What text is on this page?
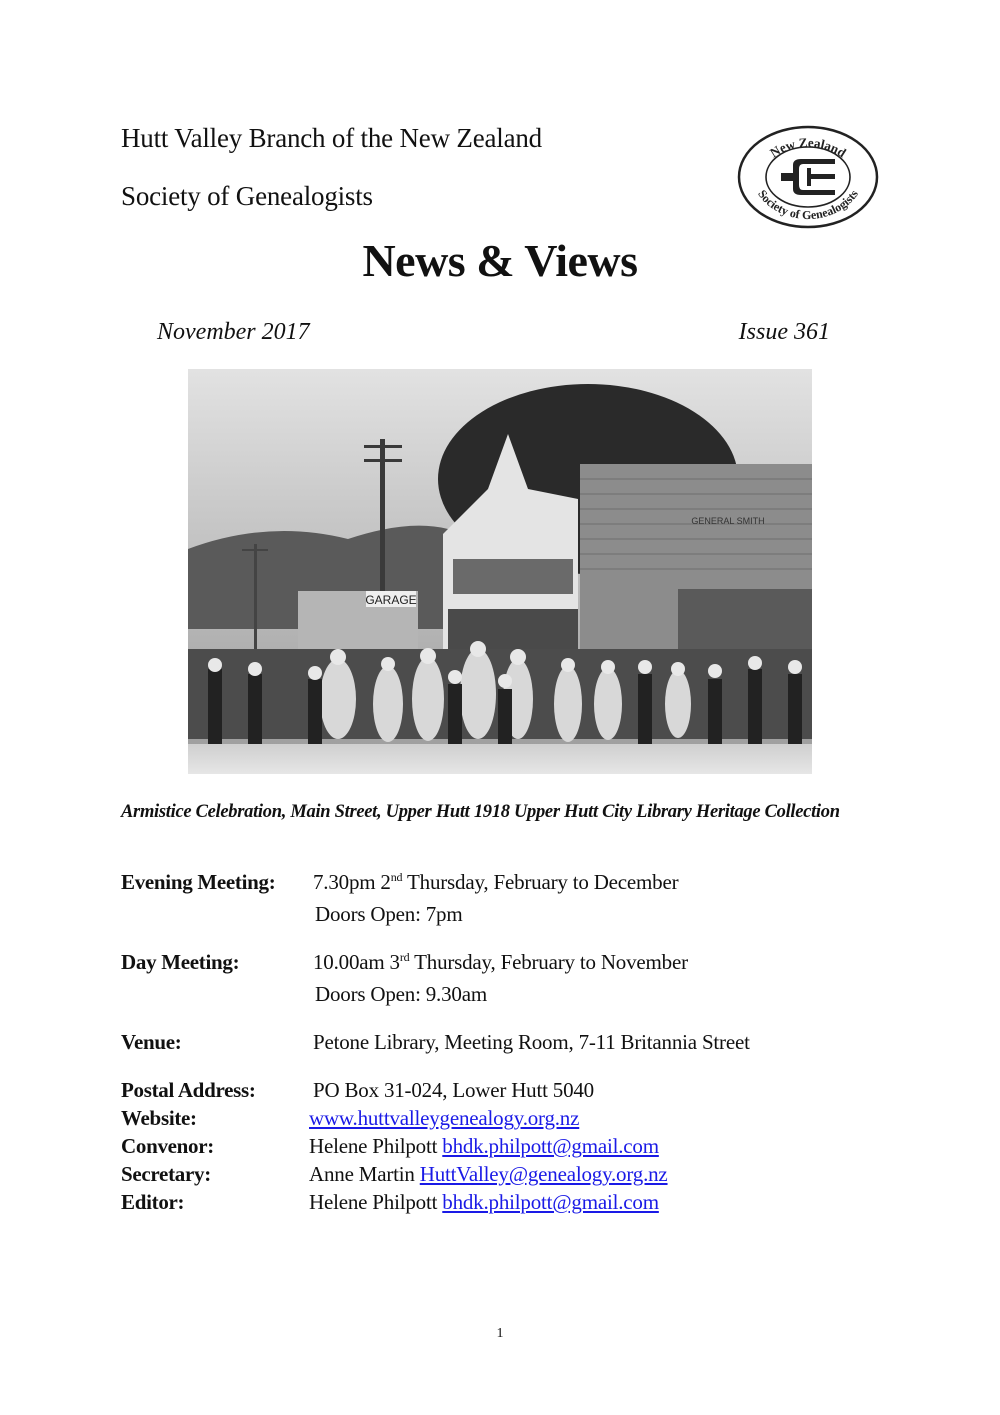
Hutt Valley Branch of the New Zealand
Society of Genealogists
New Zealand
Society of Genealogists
News & Views
November 2017	Issue 361
GARAGE
GENERAL SMITH
Armistice Celebration, Main Street, Upper Hutt 1918 Upper Hutt City Library Heritage Collection
Evening Meeting: 7.30pm 2nd Thursday, February to December
Doors Open: 7pm
Day Meeting:	10.00am 3rd Thursday, February to November
Doors Open: 9.30am
Venue:	Petone Library, Meeting Room, 7-11 Britannia Street
Postal Address:	PO Box 31-024, Lower Hutt 5040
Website:	www.huttvalleygenealogy.org.nz
Convenor:	Helene Philpott bhdk.philpott@gmail.com
Secretary:	Anne Martin HuttValley@genealogy.org.nz
Editor:	Helene Philpott bhdk.philpott@gmail.com
1
